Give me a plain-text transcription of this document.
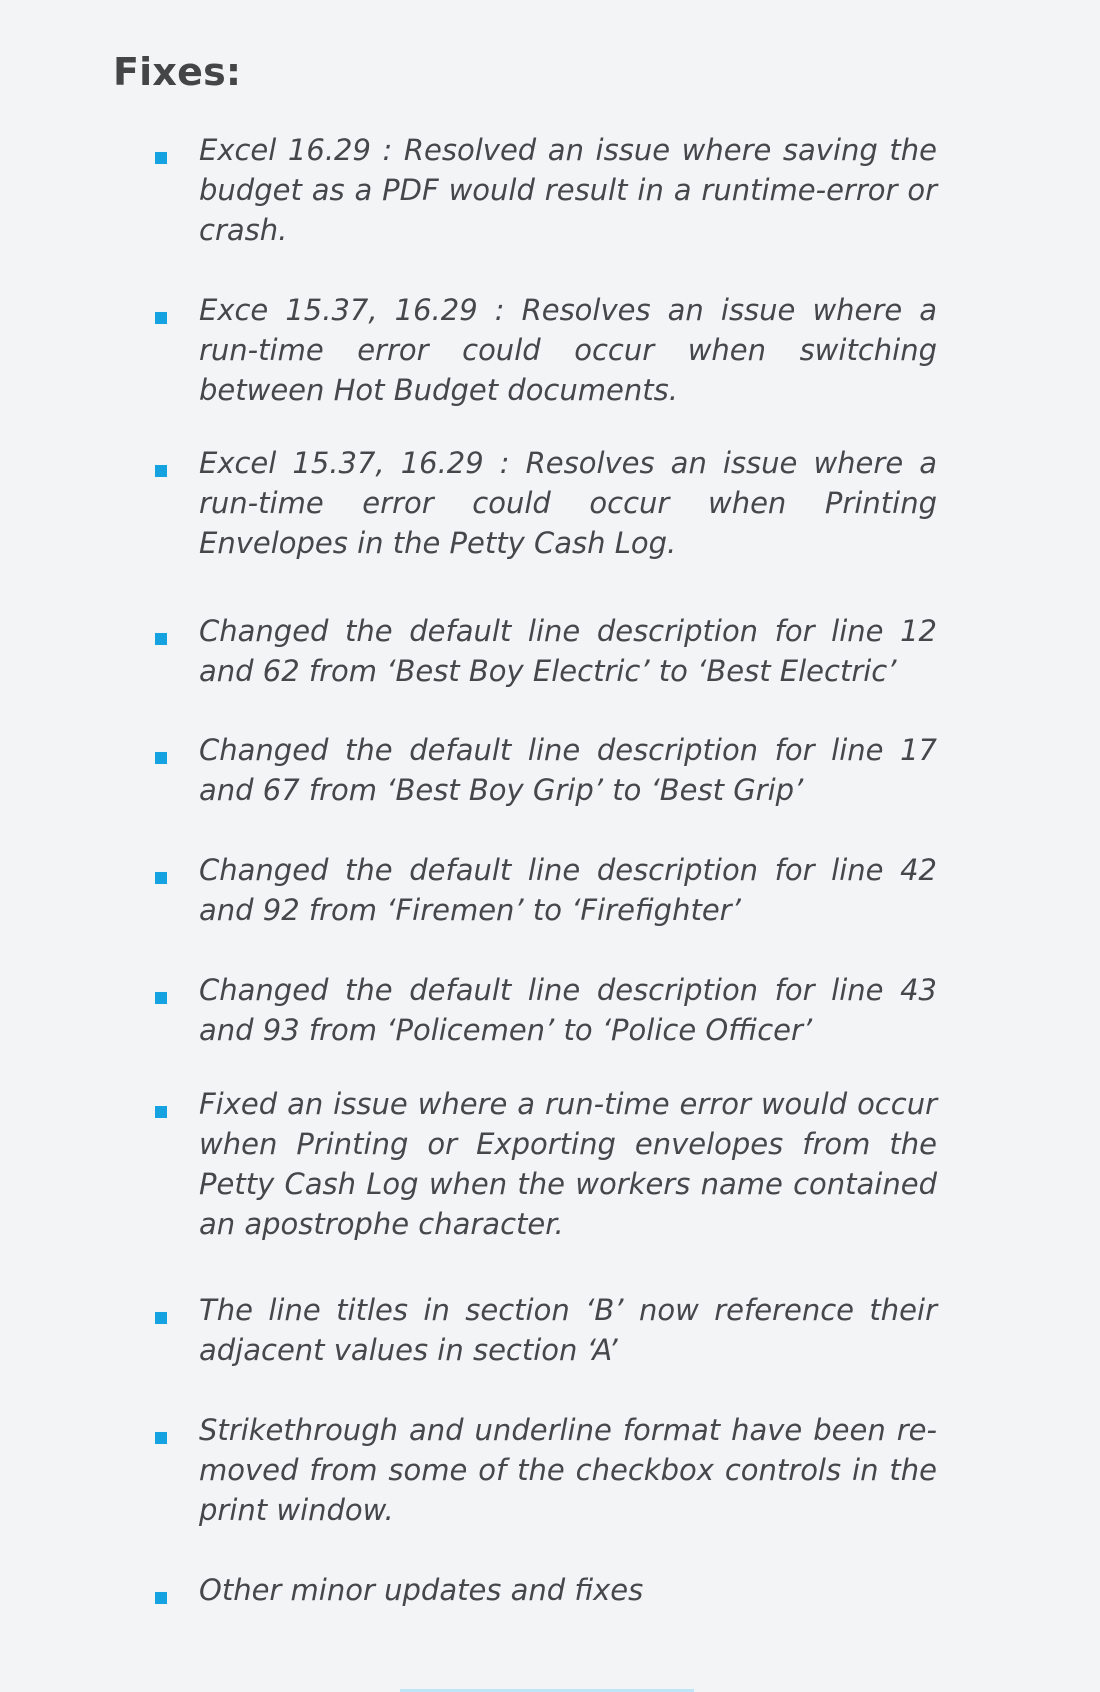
Fixes:

Excel 16.29 : Resolved an issue where saving the budget as a PDF would result in a runtime-error or crash.

Exce 15.37, 16.29 : Resolves an issue where a run-time error could occur when switching between Hot Budget documents.

Excel 15.37, 16.29 : Resolves an issue where a run-time error could occur when Printing Envelopes in the Petty Cash Log.

Changed the default line description for line 12 and 62 from ‘Best Boy Electric’ to ‘Best Electric’

Changed the default line description for line 17 and 67 from ‘Best Boy Grip’ to ‘Best Grip’

Changed the default line description for line 42 and 92 from ‘Firemen’ to ‘Firefighter’

Changed the default line description for line 43 and 93 from ‘Policemen’ to ‘Police Officer’

Fixed an issue where a run-time error would occur when Printing or Exporting envelopes from the Petty Cash Log when the workers name contained an apostrophe character.

The line titles in section ‘B’ now reference their adjacent values in section ‘A’

Strikethrough and underline format have been removed from some of the checkbox controls in the print window.

Other minor updates and fixes
